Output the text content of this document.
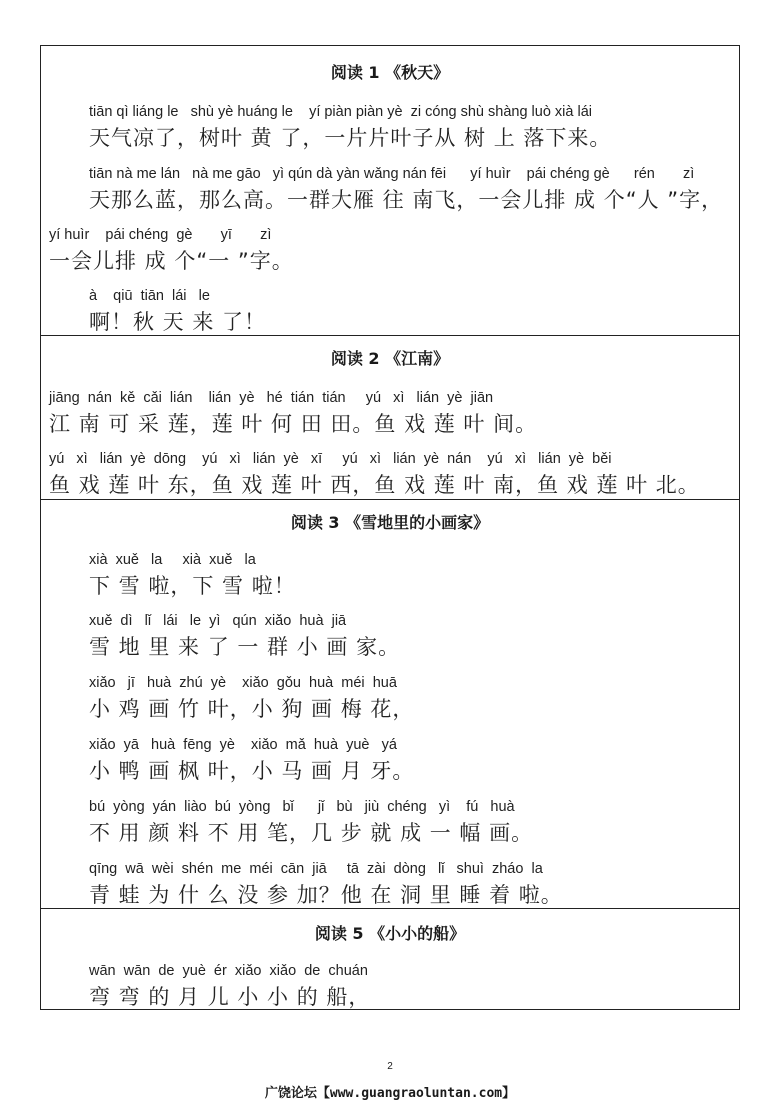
阅读 1 《秋天》

tiān qì liáng le   shù yè huáng le    yí piàn piàn yè  zi cóng shù shàng luò xià lái

天气凉了，树叶 黄 了，一片片叶子从 树 上 落下来。

tiān nà me lán   nà me gāo   yì qún dà yàn wǎng nán fēi      yí huìr    pái chéng gè      rén       zì

天那么蓝，那么高。一群大雁 往 南飞，一会儿排 成 个“人 ”字，

yí huìr    pái chéng  gè       yī       zì

一会儿排 成 个“一 ”字。

à    qiū  tiān  lái   le

啊！秋 天 来 了！

阅读 2 《江南》

jiāng  nán  kě  cǎi  lián    lián  yè   hé  tián  tián     yú   xì   lián  yè  jiān

江 南 可 采 莲，莲 叶 何 田 田。鱼 戏 莲 叶 间。

yú   xì   lián  yè  dōng    yú   xì   lián  yè   xī     yú   xì   lián  yè  nán    yú   xì   lián  yè  běi

鱼 戏 莲 叶 东，鱼 戏 莲 叶 西，鱼 戏 莲 叶 南，鱼 戏 莲 叶 北。

阅读 3 《雪地里的小画家》

xià  xuě   la     xià  xuě   la

下 雪 啦，下 雪 啦！

xuě  dì   lǐ   lái   le  yì   qún  xiǎo  huà  jiā

雪 地 里 来 了 一 群 小 画 家。

xiǎo   jī   huà  zhú  yè    xiǎo  gǒu  huà  méi  huā

小 鸡 画 竹 叶，小 狗 画 梅 花，

xiǎo  yā   huà  fēng  yè    xiǎo  mǎ  huà  yuè   yá

小 鸭 画 枫 叶，小 马 画 月 牙。

bú  yòng  yán  liào  bú  yòng   bǐ      jǐ   bù   jiù  chéng   yì    fú   huà

不 用 颜 料 不 用 笔，几 步 就 成 一 幅 画。

qīng  wā  wèi  shén  me  méi  cān  jiā     tā  zài  dòng   lǐ   shuì  zháo  la

青 蛙 为 什 么 没 参 加？他 在 洞 里 睡 着 啦。

阅读 5 《小小的船》

wān  wān  de  yuè  ér  xiǎo  xiǎo  de  chuán

弯 弯 的 月 儿 小 小 的 船，

2
广饶论坛【www.guangraoluntan.com】
